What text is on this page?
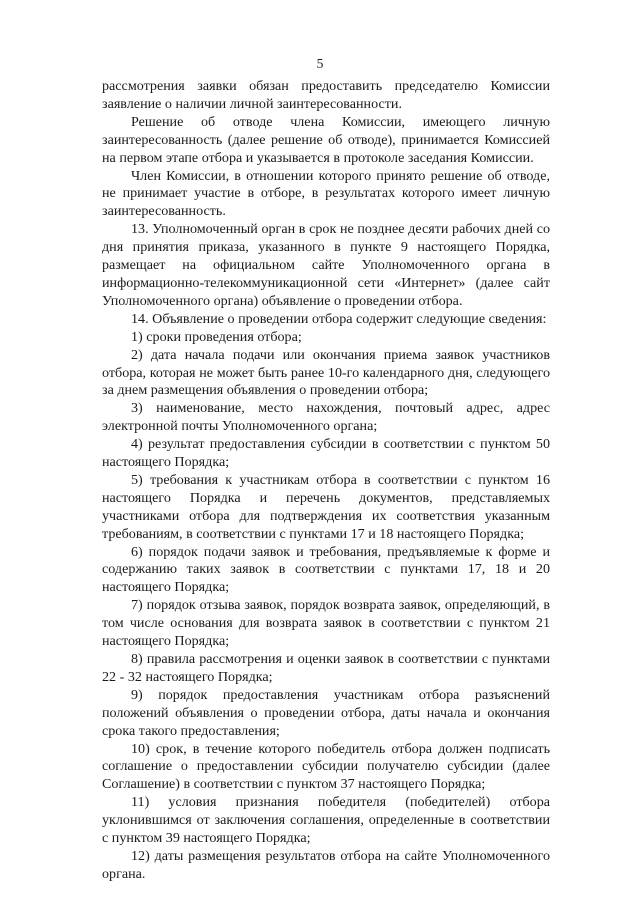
5

рассмотрения заявки обязан предоставить председателю Комиссии заявление о наличии личной заинтересованности.

Решение об отводе члена Комиссии, имеющего личную заинтересованность (далее решение об отводе), принимается Комиссией на первом этапе отбора и указывается в протоколе заседания Комиссии.

Член Комиссии, в отношении которого принято решение об отводе, не принимает участие в отборе, в результатах которого имеет личную заинтересованность.

13. Уполномоченный орган в срок не позднее десяти рабочих дней со дня принятия приказа, указанного в пункте 9 настоящего Порядка, размещает на официальном сайте Уполномоченного органа в информационно-телекоммуникационной сети «Интернет» (далее сайт Уполномоченного органа) объявление о проведении отбора.

14. Объявление о проведении отбора содержит следующие сведения:

1) сроки проведения отбора;

2) дата начала подачи или окончания приема заявок участников отбора, которая не может быть ранее 10-го календарного дня, следующего за днем размещения объявления о проведении отбора;

3) наименование, место нахождения, почтовый адрес, адрес электронной почты Уполномоченного органа;

4) результат предоставления субсидии в соответствии с пунктом 50 настоящего Порядка;

5) требования к участникам отбора в соответствии с пунктом 16 настоящего Порядка и перечень документов, представляемых участниками отбора для подтверждения их соответствия указанным требованиям, в соответствии с пунктами 17 и 18 настоящего Порядка;

6) порядок подачи заявок и требования, предъявляемые к форме и содержанию таких заявок в соответствии с пунктами 17, 18 и 20 настоящего Порядка;

7) порядок отзыва заявок, порядок возврата заявок, определяющий, в том числе основания для возврата заявок в соответствии с пунктом 21 настоящего Порядка;

8) правила рассмотрения и оценки заявок в соответствии с пунктами 22 - 32 настоящего Порядка;

9) порядок предоставления участникам отбора разъяснений положений объявления о проведении отбора, даты начала и окончания срока такого предоставления;

10) срок, в течение которого победитель отбора должен подписать соглашение о предоставлении субсидии получателю субсидии (далее Соглашение) в соответствии с пунктом 37 настоящего Порядка;

11) условия признания победителя (победителей) отбора уклонившимся от заключения соглашения, определенные в соответствии с пунктом 39 настоящего Порядка;

12) даты размещения результатов отбора на сайте Уполномоченного органа.
